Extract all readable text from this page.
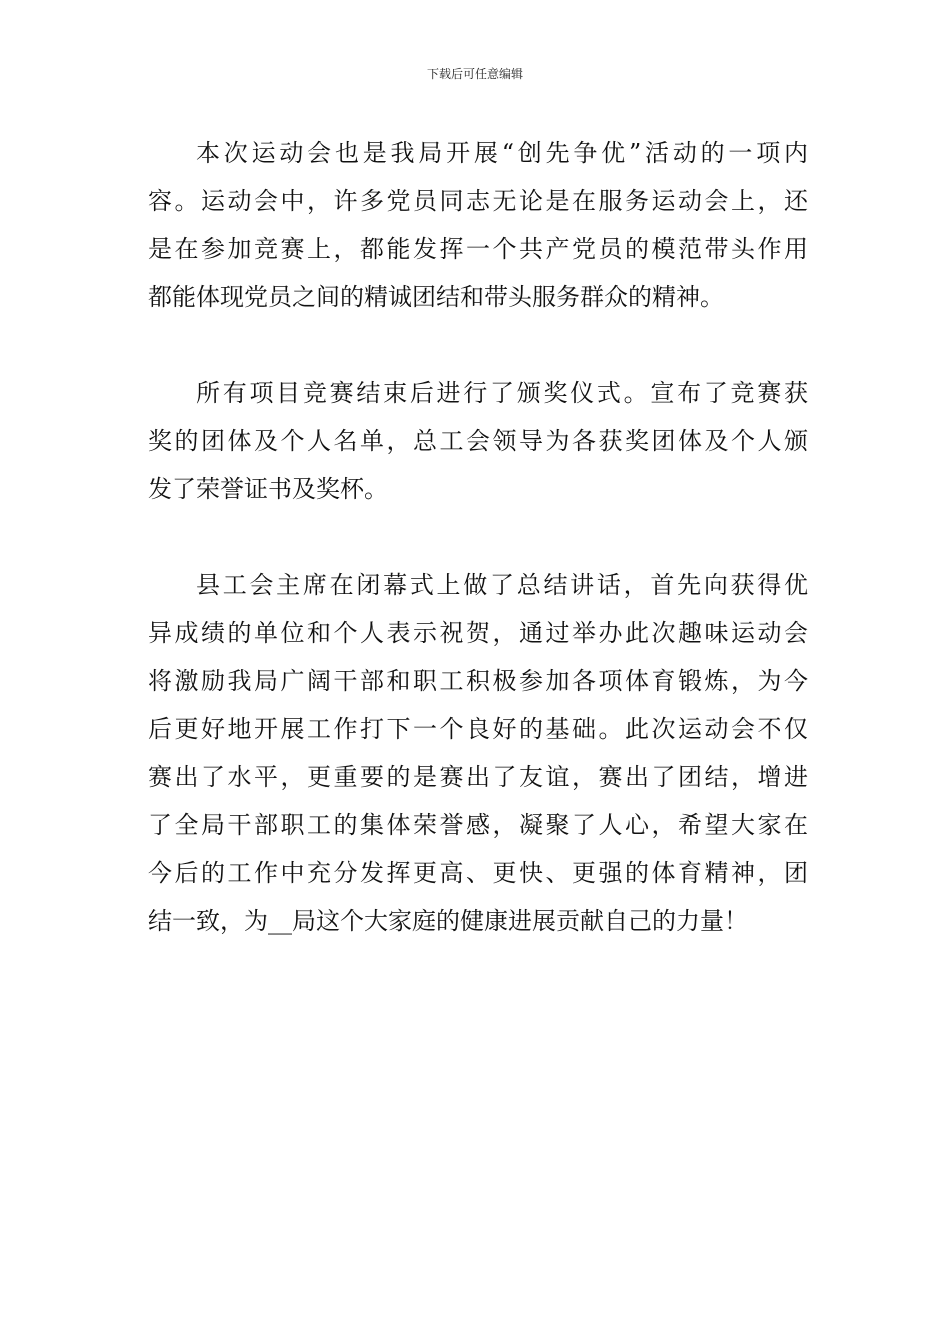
下载后可任意编辑

本次运动会也是我局开展“创先争优”活动的一项内
容。运动会中，许多党员同志无论是在服务运动会上，还
是在参加竞赛上，都能发挥一个共产党员的模范带头作用
都能体现党员之间的精诚团结和带头服务群众的精神。

所有项目竞赛结束后进行了颁奖仪式。宣布了竞赛获
奖的团体及个人名单，总工会领导为各获奖团体及个人颁
发了荣誉证书及奖杯。

县工会主席在闭幕式上做了总结讲话，首先向获得优
异成绩的单位和个人表示祝贺，通过举办此次趣味运动会
将激励我局广阔干部和职工积极参加各项体育锻炼，为今
后更好地开展工作打下一个良好的基础。此次运动会不仅
赛出了水平，更重要的是赛出了友谊，赛出了团结，增进
了全局干部职工的集体荣誉感，凝聚了人心，希望大家在
今后的工作中充分发挥更高、更快、更强的体育精神，团
结一致，为__局这个大家庭的健康进展贡献自己的力量！
